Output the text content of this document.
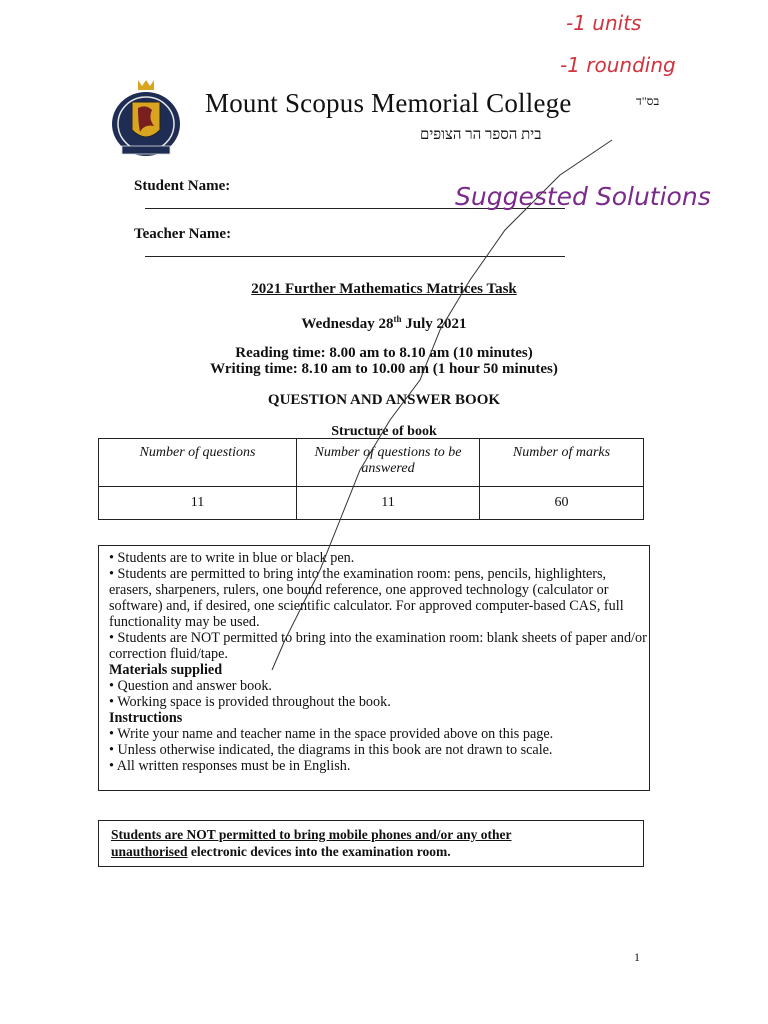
Mount Scopus Memorial College
בית הספר הר הצופים
בס"ד
Student Name:
Teacher Name:
2021 Further Mathematics Matrices Task
Wednesday 28th July 2021
Reading time: 8.00 am to 8.10 am (10 minutes)
Writing time: 8.10 am to 10.00 am (1 hour 50 minutes)
QUESTION AND ANSWER BOOK
Structure of book
Number of questions	Number of questions to be answered	Number of marks
11	11	60
• Students are to write in blue or black pen.
• Students are permitted to bring into the examination room: pens, pencils, highlighters, erasers, sharpeners, rulers, one bound reference, one approved technology (calculator or software) and, if desired, one scientific calculator. For approved computer-based CAS, full functionality may be used.
• Students are NOT permitted to bring into the examination room: blank sheets of paper and/or correction fluid/tape.
Materials supplied
• Question and answer book.
• Working space is provided throughout the book.
Instructions
• Write your name and teacher name in the space provided above on this page.
• Unless otherwise indicated, the diagrams in this book are not drawn to scale.
• All written responses must be in English.
Students are NOT permitted to bring mobile phones and/or any other
unauthorised electronic devices into the examination room.
1
-1 units
-1 rounding
Suggested Solutions
